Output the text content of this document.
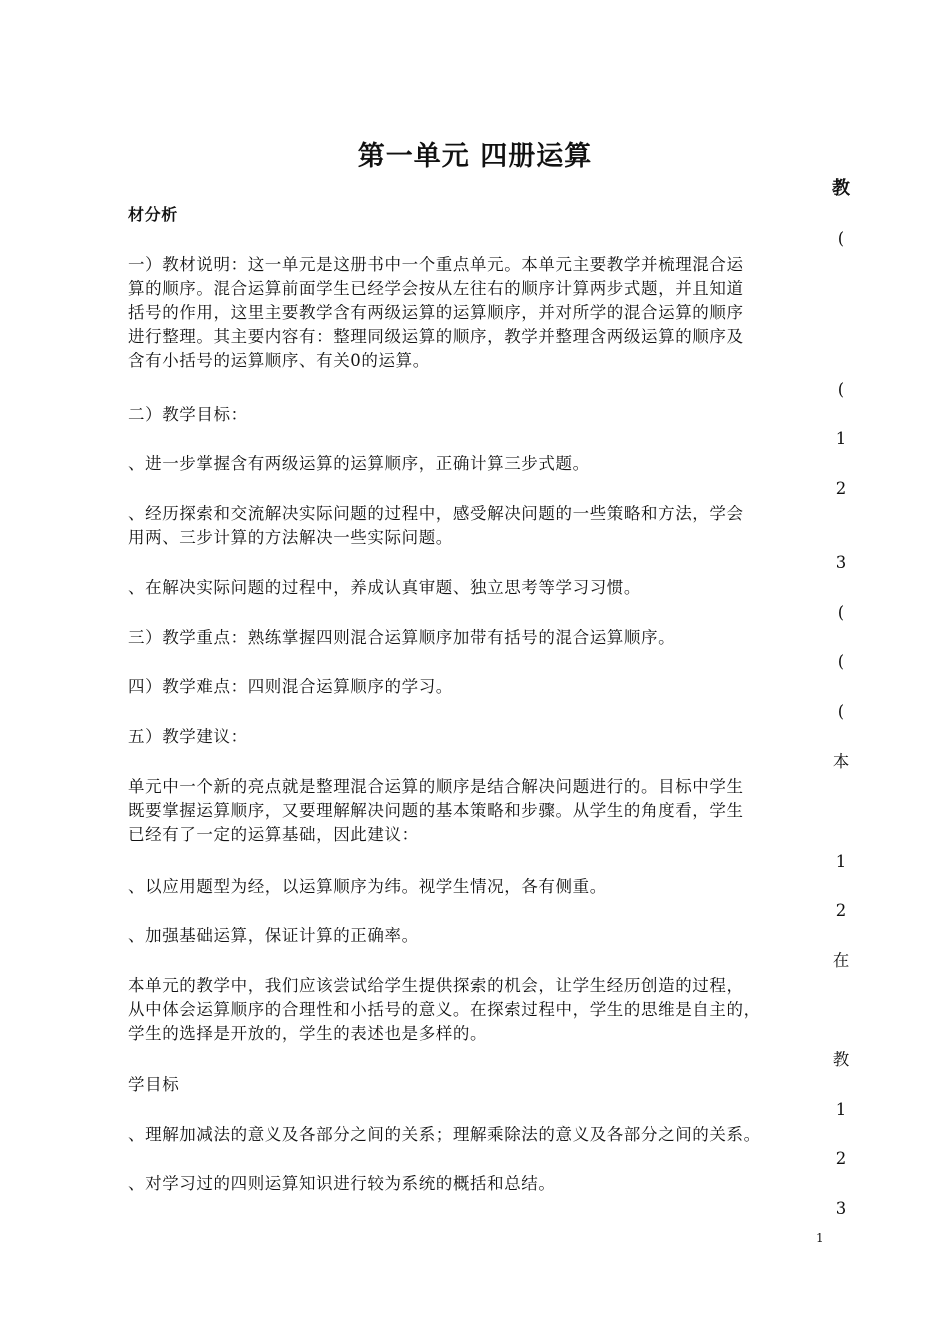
第一单元 四册运算
教
(
(
1
2
3
(
(
(
本
1
2
在
教
1
2
3
材分析
一）教材说明：这一单元是这册书中一个重点单元。本单元主要教学并梳理混合运
算的顺序。混合运算前面学生已经学会按从左往右的顺序计算两步式题，并且知道
括号的作用，这里主要教学含有两级运算的运算顺序，并对所学的混合运算的顺序
进行整理。其主要内容有：整理同级运算的顺序，教学并整理含两级运算的顺序及
含有小括号的运算顺序、有关0的运算。
二）教学目标：
、进一步掌握含有两级运算的运算顺序，正确计算三步式题。
、经历探索和交流解决实际问题的过程中，感受解决问题的一些策略和方法，学会
用两、三步计算的方法解决一些实际问题。
、在解决实际问题的过程中，养成认真审题、独立思考等学习习惯。
三）教学重点：熟练掌握四则混合运算顺序加带有括号的混合运算顺序。
四）教学难点：四则混合运算顺序的学习。
五）教学建议：
单元中一个新的亮点就是整理混合运算的顺序是结合解决问题进行的。目标中学生
既要掌握运算顺序，又要理解解决问题的基本策略和步骤。从学生的角度看，学生
已经有了一定的运算基础，因此建议：
、以应用题型为经，以运算顺序为纬。视学生情况，各有侧重。
、加强基础运算，保证计算的正确率。
本单元的教学中，我们应该尝试给学生提供探索的机会，让学生经历创造的过程，
从中体会运算顺序的合理性和小括号的意义。在探索过程中，学生的思维是自主的，
学生的选择是开放的，学生的表述也是多样的。
学目标
、理解加减法的意义及各部分之间的关系；理解乘除法的意义及各部分之间的关系。
、对学习过的四则运算知识进行较为系统的概括和总结。
1
